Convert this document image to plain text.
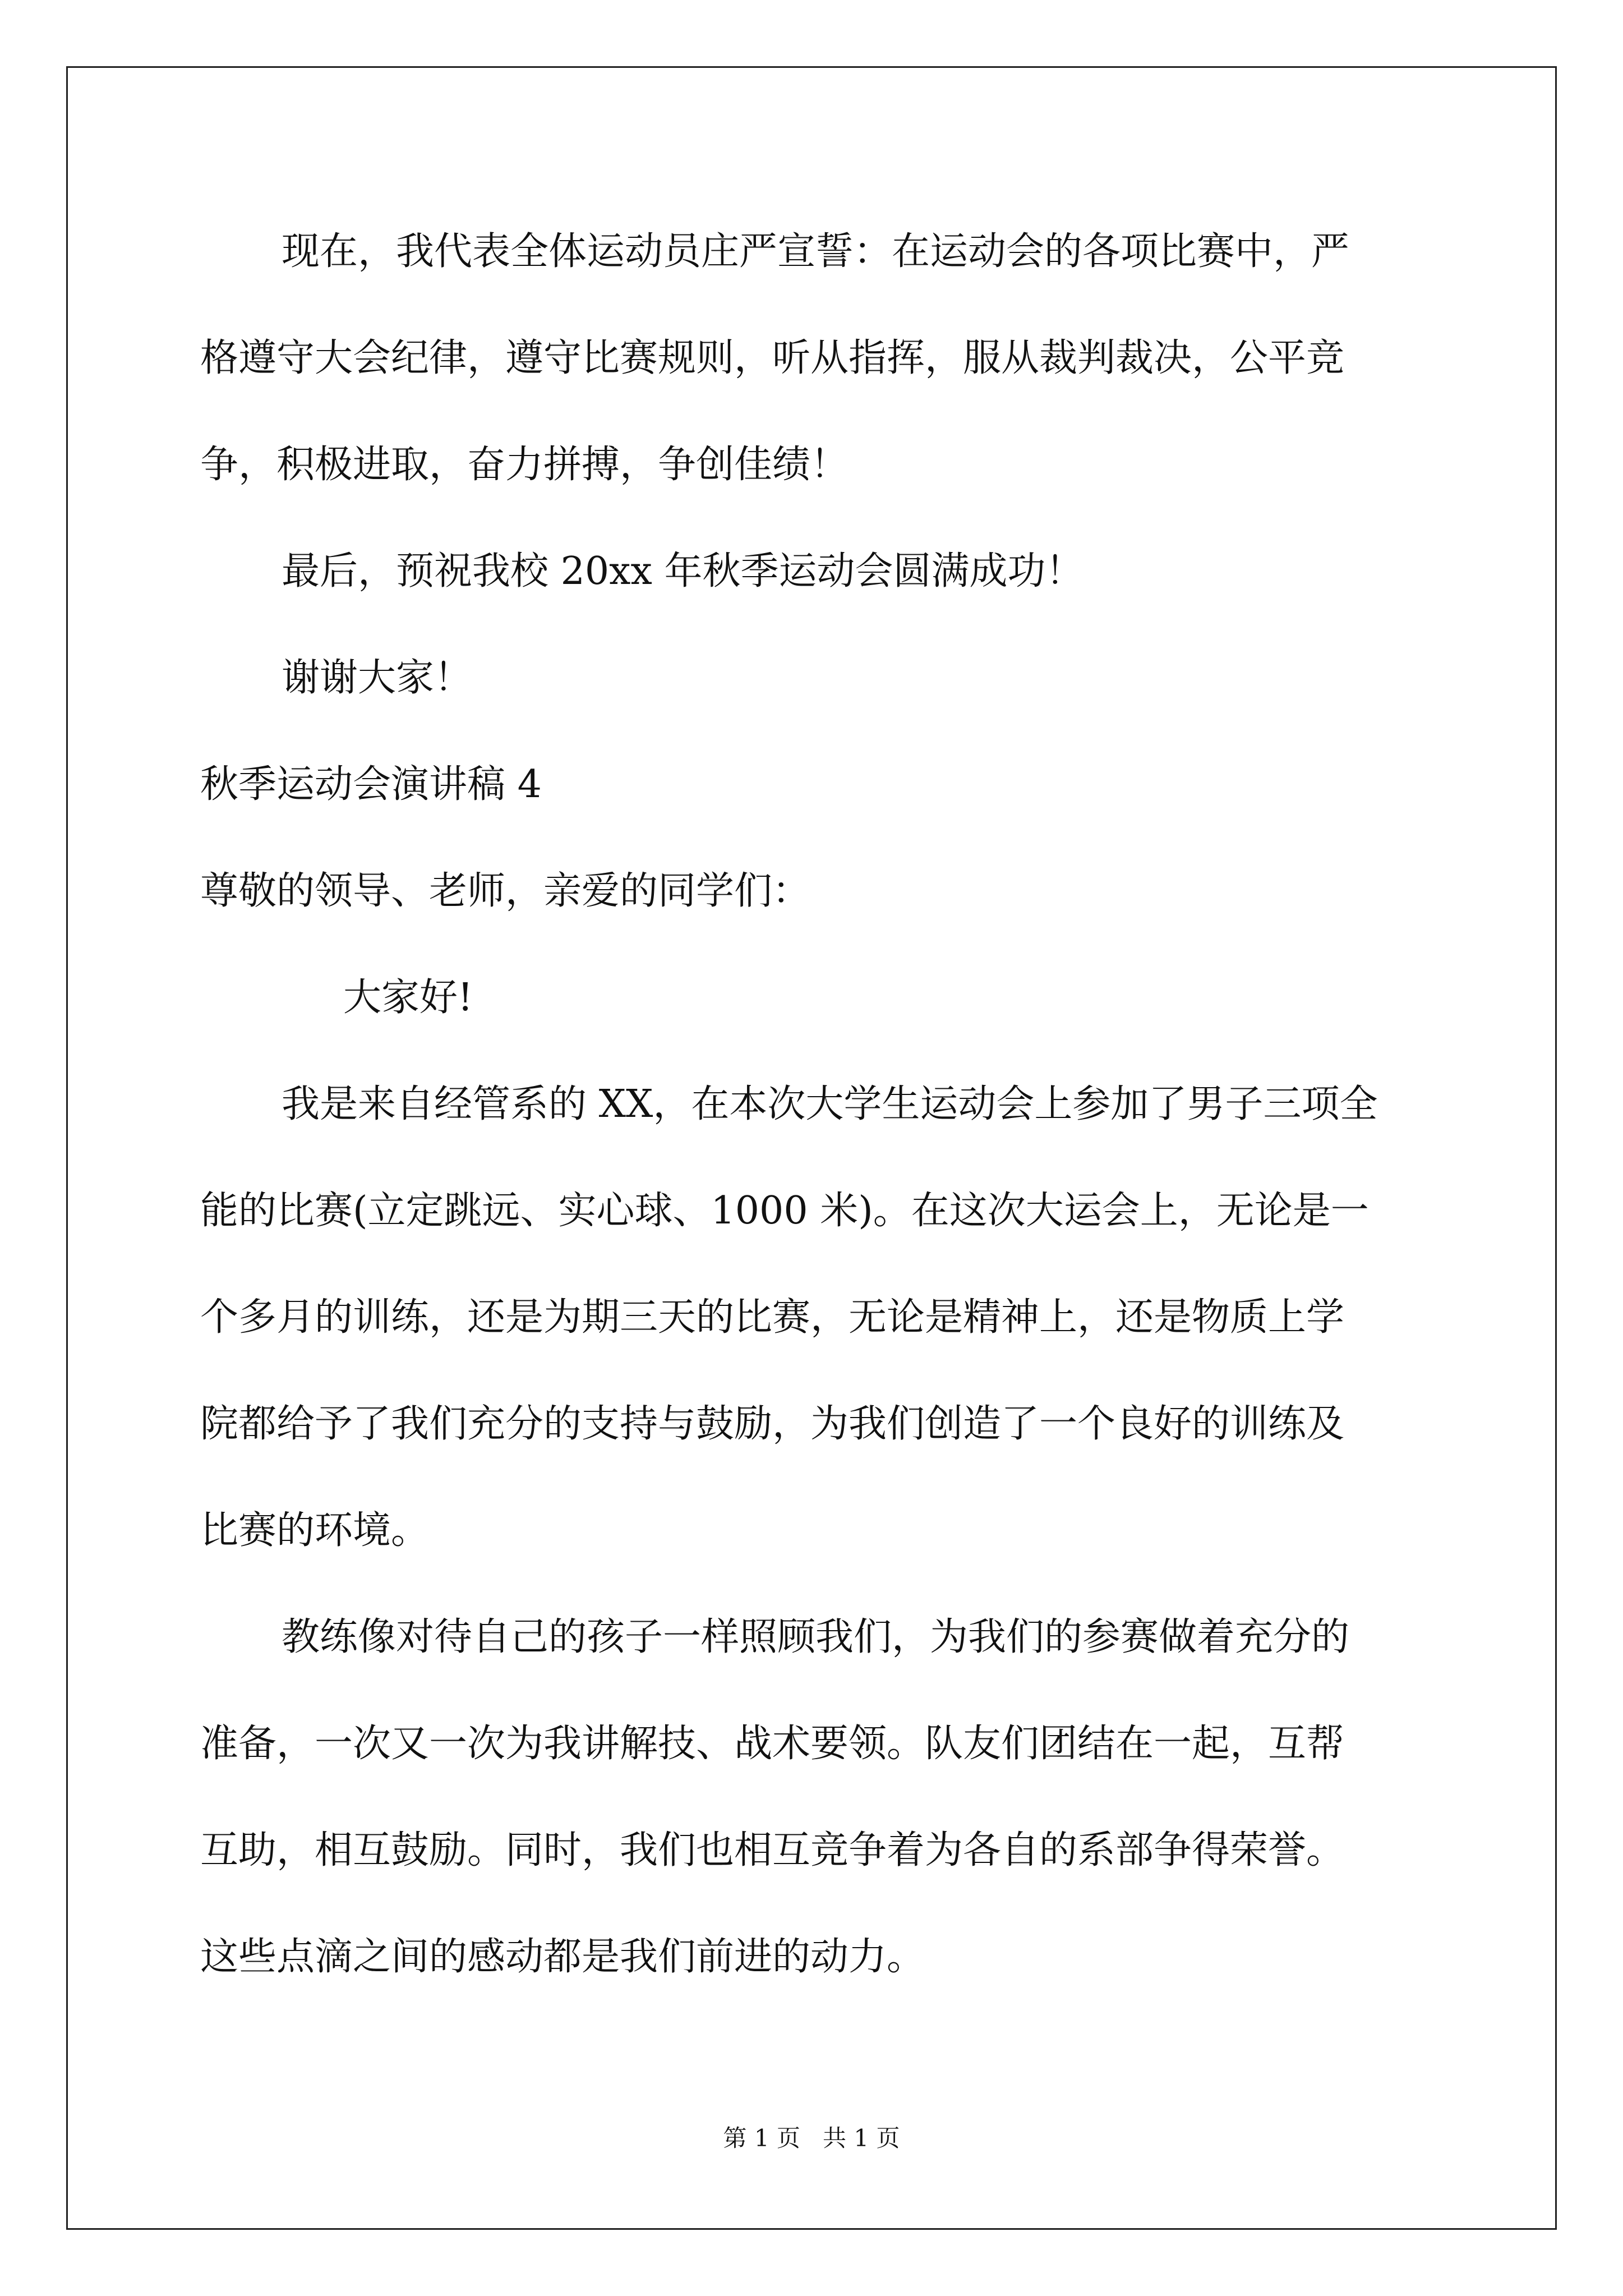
现在，我代表全体运动员庄严宣誓：在运动会的各项比赛中，严
格遵守大会纪律，遵守比赛规则，听从指挥，服从裁判裁决，公平竞
争，积极进取，奋力拼搏，争创佳绩！
最后，预祝我校 20xx 年秋季运动会圆满成功！
谢谢大家！
秋季运动会演讲稿 4
尊敬的领导、老师，亲爱的同学们：
大家好!
我是来自经管系的 XX，在本次大学生运动会上参加了男子三项全
能的比赛(立定跳远、实心球、1000 米)。在这次大运会上，无论是一
个多月的训练，还是为期三天的比赛，无论是精神上，还是物质上学
院都给予了我们充分的支持与鼓励，为我们创造了一个良好的训练及
比赛的环境。
教练像对待自己的孩子一样照顾我们，为我们的参赛做着充分的
准备，一次又一次为我讲解技、战术要领。队友们团结在一起，互帮
互助，相互鼓励。同时，我们也相互竞争着为各自的系部争得荣誉。
这些点滴之间的感动都是我们前进的动力。
第 1 页   共 1 页
